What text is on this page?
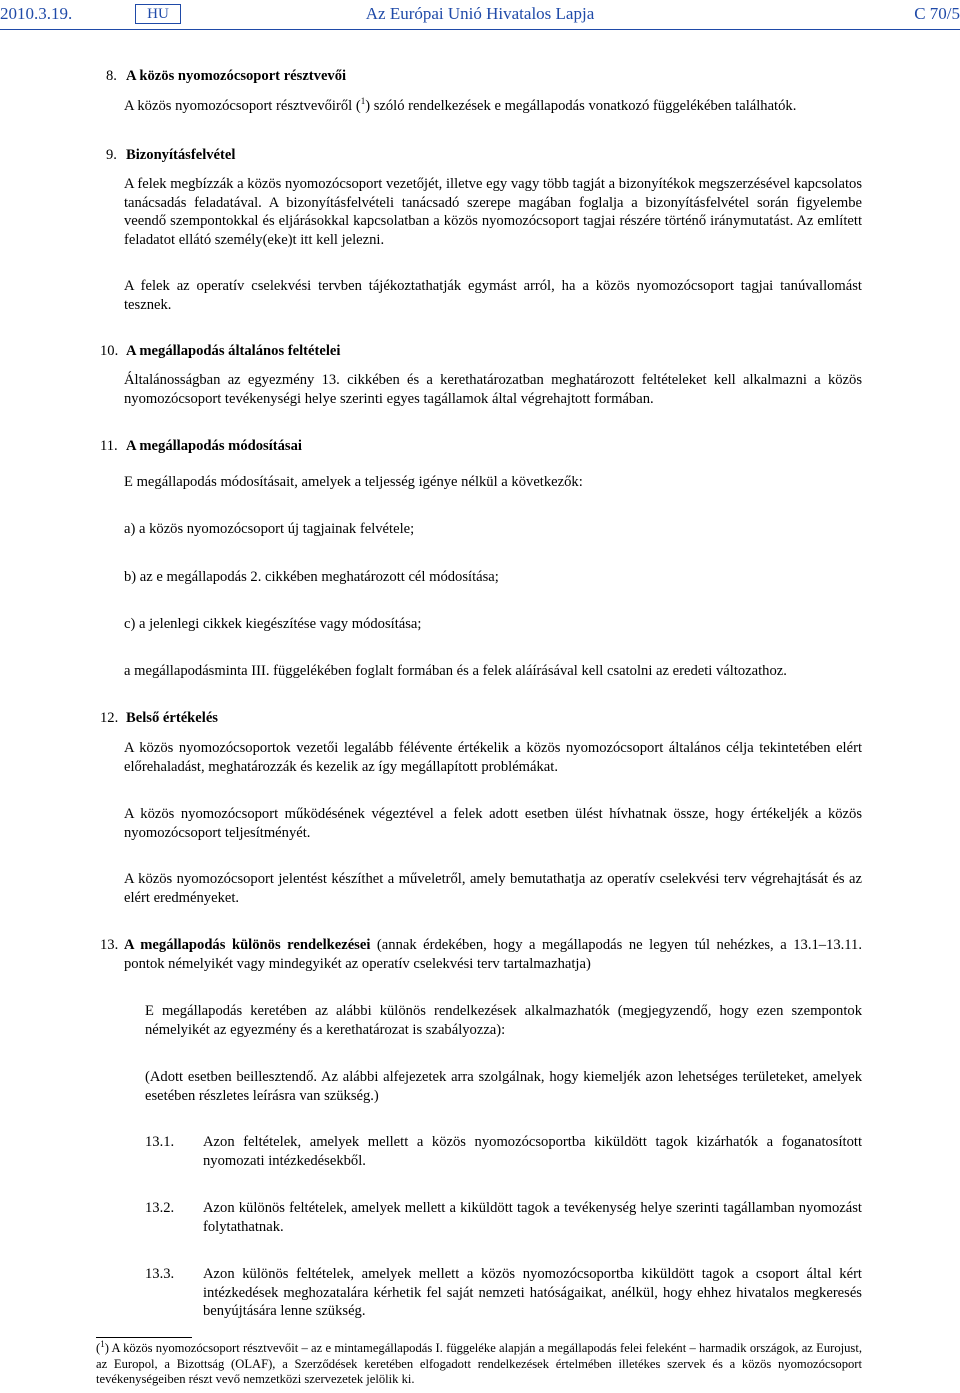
2010.3.19.	HU	Az Európai Unió Hivatalos Lapja	C 70/5
8. A közös nyomozócsoport résztvevői
A közös nyomozócsoport résztvevőiről ($^1$) szóló rendelkezések e megállapodás vonatkozó függelékében találhatók.
9. Bizonyításfelvétel
A felek megbízzák a közös nyomozócsoport vezetőjét, illetve egy vagy több tagját a bizonyítékok megszerzésével kapcsolatos tanácsadás feladatával. A bizonyításfelvételi tanácsadó szerepe magában foglalja a bizonyításfelvétel során figyelembe veendő szempontokkal és eljárásokkal kapcsolatban a közös nyomozócsoport tagjai részére történő iránymutatást. Az említett feladatot ellátó személy(eke)t itt kell jelezni.
A felek az operatív cselekvési tervben tájékoztathatják egymást arról, ha a közös nyomozócsoport tagjai tanúvallomást tesznek.
10. A megállapodás általános feltételei
Általánosságban az egyezmény 13. cikkében és a kerethatározatban meghatározott feltételeket kell alkalmazni a közös nyomozócsoport tevékenységi helye szerinti egyes tagállamok által végrehajtott formában.
11. A megállapodás módosításai
E megállapodás módosításait, amelyek a teljesség igénye nélkül a következők:
a) a közös nyomozócsoport új tagjainak felvétele;
b) az e megállapodás 2. cikkében meghatározott cél módosítása;
c) a jelenlegi cikkek kiegészítése vagy módosítása;
a megállapodásminta III. függelékében foglalt formában és a felek aláírásával kell csatolni az eredeti változathoz.
12. Belső értékelés
A közös nyomozócsoportok vezetői legalább félévente értékelik a közös nyomozócsoport általános célja tekintetében elért előrehaladást, meghatározzák és kezelik az így megállapított problémákat.
A közös nyomozócsoport működésének végeztével a felek adott esetben ülést hívhatnak össze, hogy értékeljék a közös nyomozócsoport teljesítményét.
A közös nyomozócsoport jelentést készíthet a műveletről, amely bemutathatja az operatív cselekvési terv végrehajtását és az elért eredményeket.
13. A megállapodás különös rendelkezései (annak érdekében, hogy a megállapodás ne legyen túl nehézkes, a 13.1–13.11. pontok némelyikét vagy mindegyikét az operatív cselekvési terv tartalmazhatja)
E megállapodás keretében az alábbi különös rendelkezések alkalmazhatók (megjegyzendő, hogy ezen szempontok némelyikét az egyezmény és a kerethatározat is szabályozza):
(Adott esetben beillesztendő. Az alábbi alfejezetek arra szolgálnak, hogy kiemeljék azon lehetséges területeket, amelyek esetében részletes leírásra van szükség.)
13.1. Azon feltételek, amelyek mellett a közös nyomozócsoportba kiküldött tagok kizárhatók a foganatosított nyomozati intézkedésekből.
13.2. Azon különös feltételek, amelyek mellett a kiküldött tagok a tevékenység helye szerinti tagállamban nyomozást folytathatnak.
13.3. Azon különös feltételek, amelyek mellett a közös nyomozócsoportba kiküldött tagok a csoport által kért intézkedések meghozatalára kérhetik fel saját nemzeti hatóságaikat, anélkül, hogy ehhez hivatalos megkeresés benyújtására lenne szükség.
($^1$) A közös nyomozócsoport résztvevőit – az e mintamegállapodás I. függeléke alapján a megállapodás felei feleként – harmadik országok, az Eurojust, az Europol, a Bizottság (OLAF), a Szerződések keretében elfogadott rendelkezések értelmében illetékes szervek és a közös nyomozócsoport tevékenységeiben részt vevő nemzetközi szervezetek jelölik ki.
